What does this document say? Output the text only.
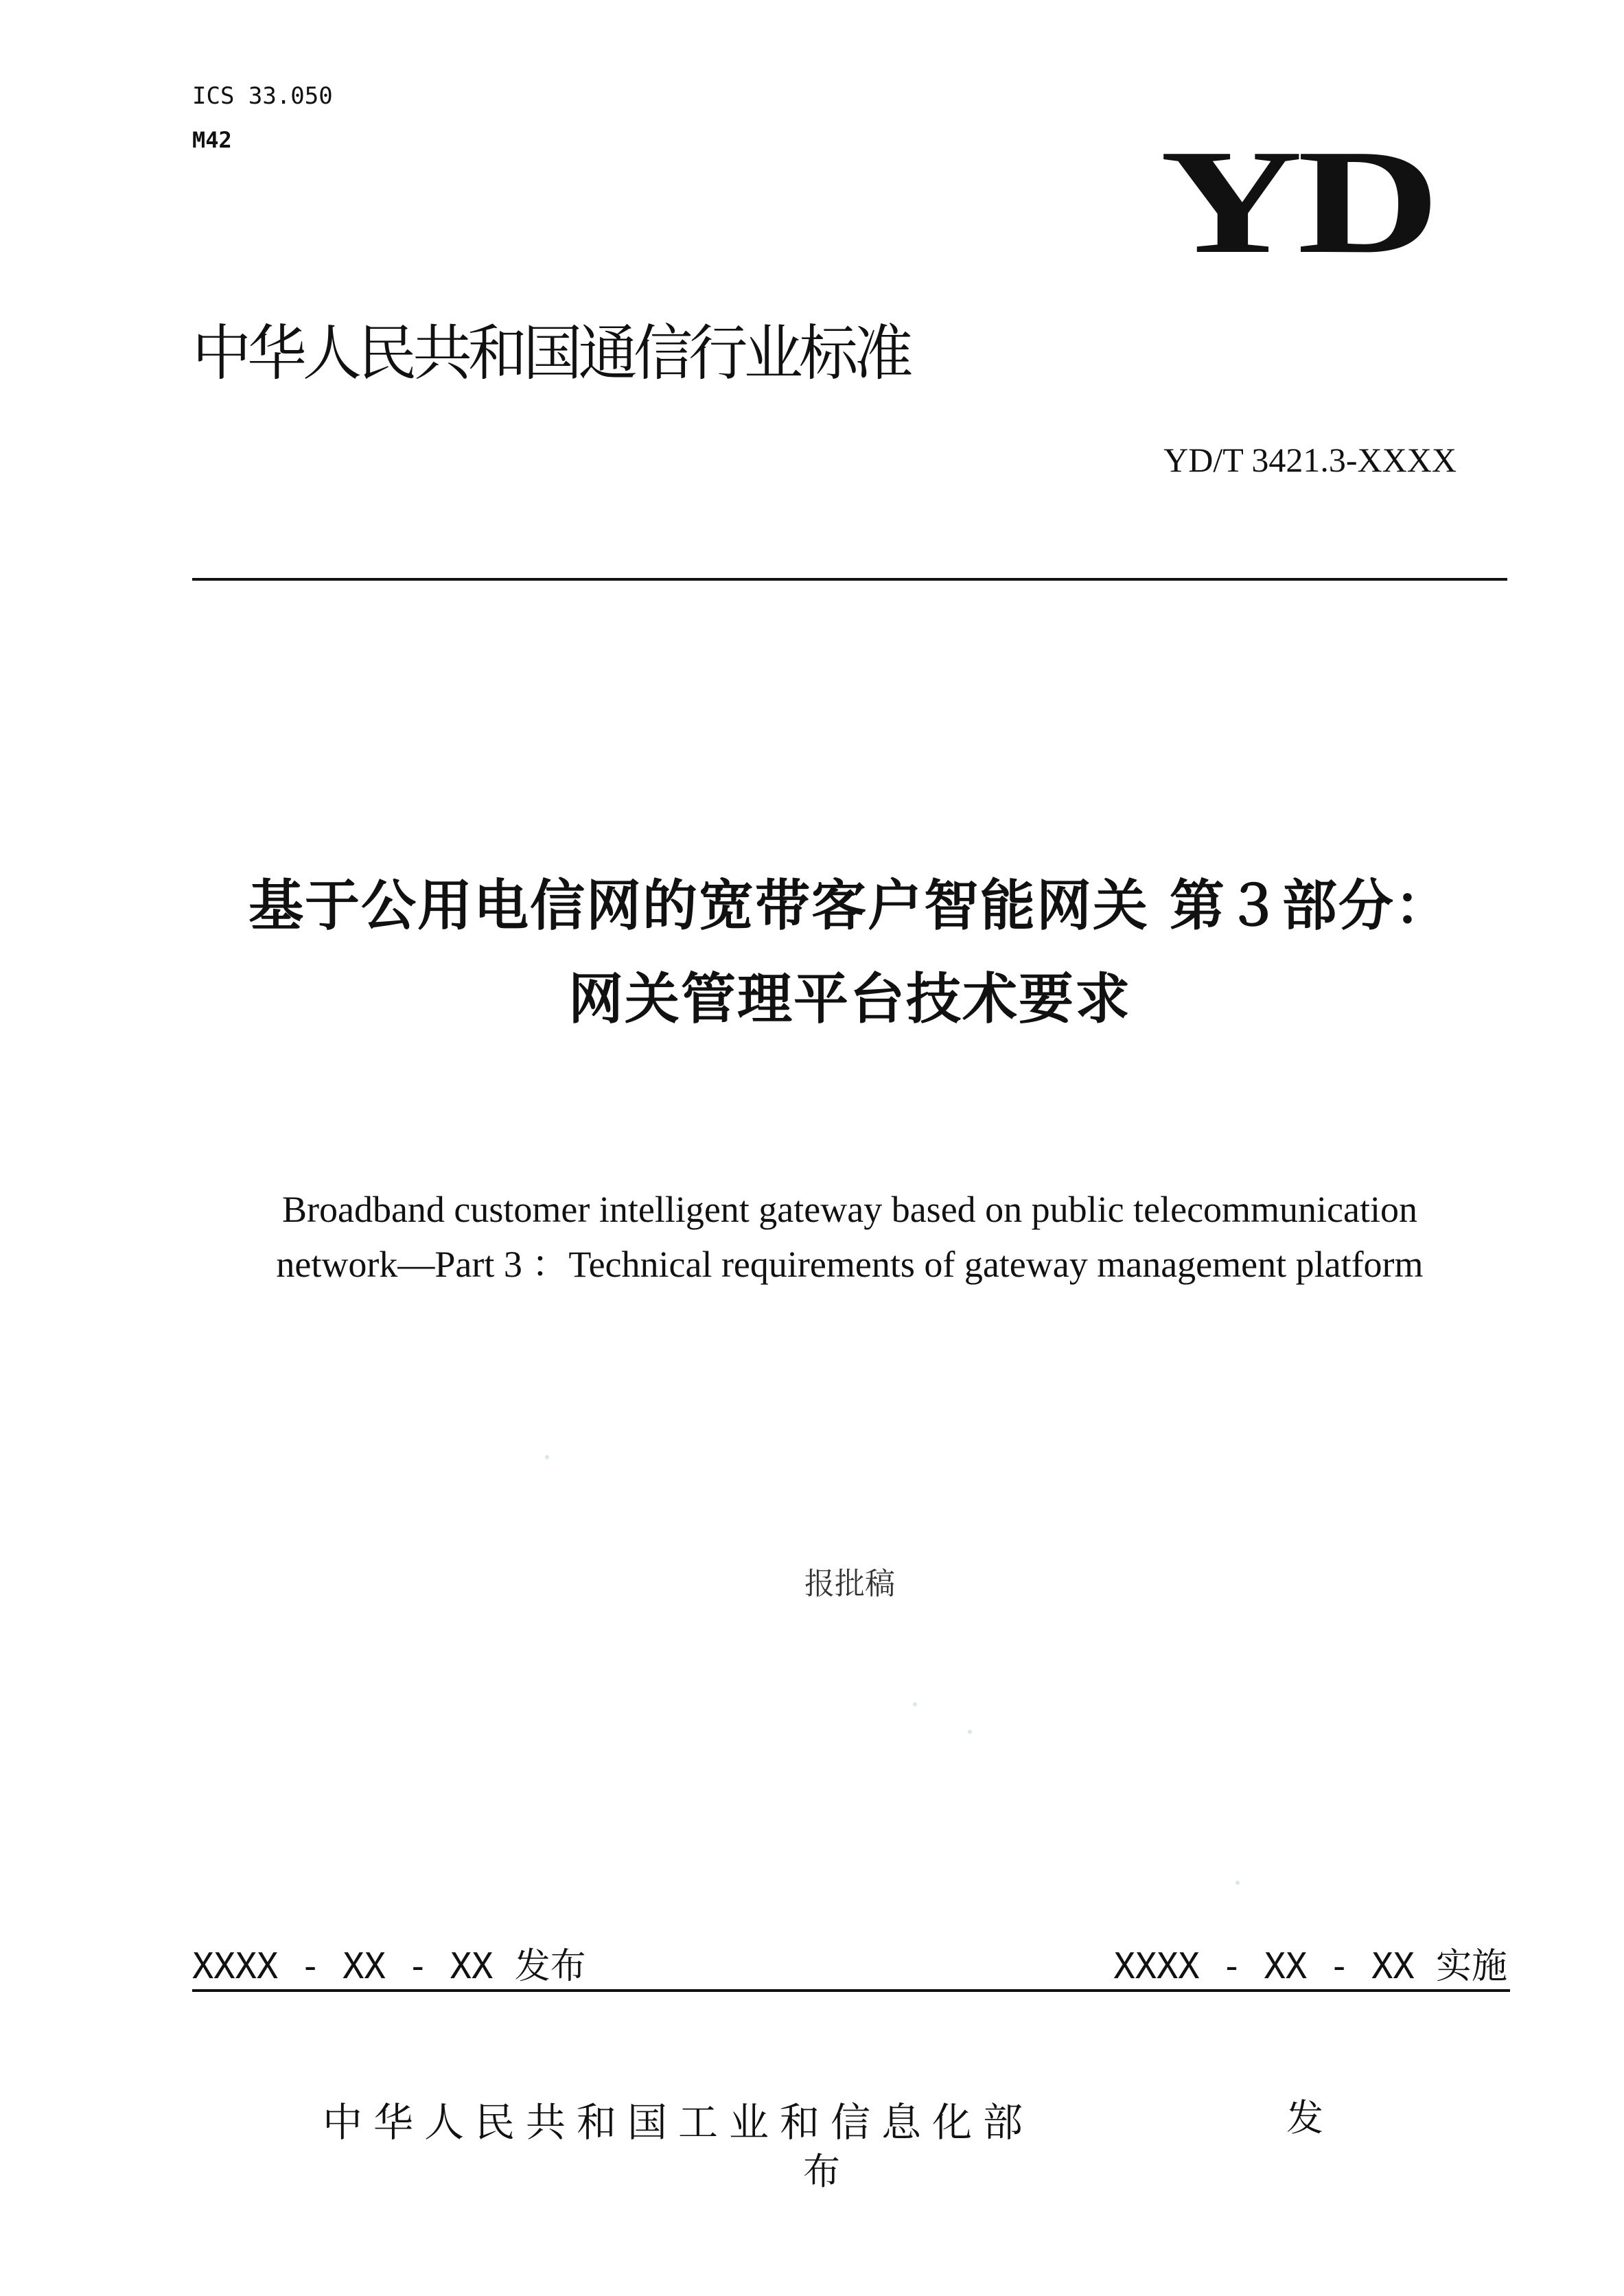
ICS 33.050
M42	YD
中华人民共和国通信行业标准
YD/T 3421.3-XXXX
基于公用电信网的宽带客户智能网关 第３部分：
网关管理平台技术要求
Broadband customer intelligent gateway based on public telecommunication
network—Part 3 ：Technical requirements of gateway management platform
报批稿
XXXX - XX - XX 发布	XXXX - XX - XX 实施
中华人民共和国工业和信息化部	发
布
